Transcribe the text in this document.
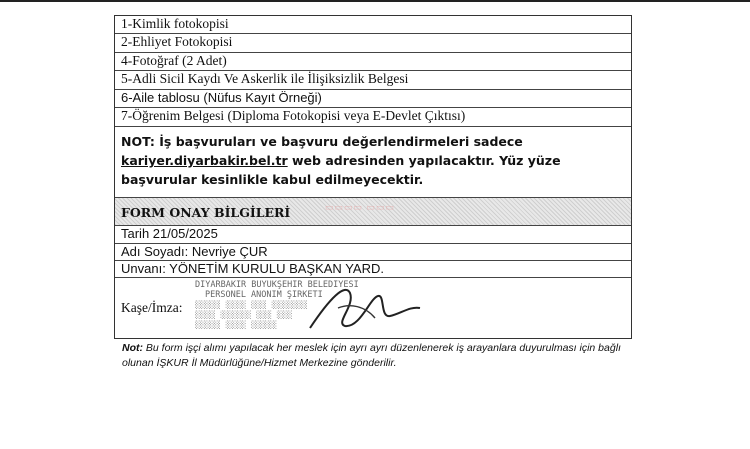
1-Kimlik fotokopisi
2-Ehliyet Fotokopisi
4-Fotoğraf (2 Adet)
5-Adli Sicil Kaydı Ve Askerlik ile İlişiksizlik Belgesi
6-Aile tablosu (Nüfus Kayıt Örneği)
7-Öğrenim Belgesi (Diploma Fotokopisi veya E-Devlet Çıktısı)
NOT: İş başvuruları ve başvuru değerlendirmeleri sadece
kariyer.diyarbakir.bel.tr web adresinden yapılacaktır. Yüz yüze
başvurular kesinlikle kabul edilmeyecektir.
FORM ONAY BİLGİLERİ	▭▭▭▭ ▭▭▭
Tarih 21/05/2025
Adı Soyadı: Nevriye ÇUR
Unvanı: YÖNETİM KURULU BAŞKAN YARD.
Kaşe/İmza:
DİYARBAKIR BÜYÜKŞEHİR BELEDİYESİ
PERSONEL ANONİM ŞİRKETİ
░░░░░ ░░░░ ░░░ ░░░░░░░
░░░░ ░░░░░░ ░░░ ░░░
░░░░░ ░░░░ ░░░░░
Not: Bu form işçi alımı yapılacak her meslek için ayrı ayrı düzenlenerek iş arayanlara duyurulması için bağlı olunan İŞKUR İl Müdürlüğüne/Hizmet Merkezine gönderilir.
